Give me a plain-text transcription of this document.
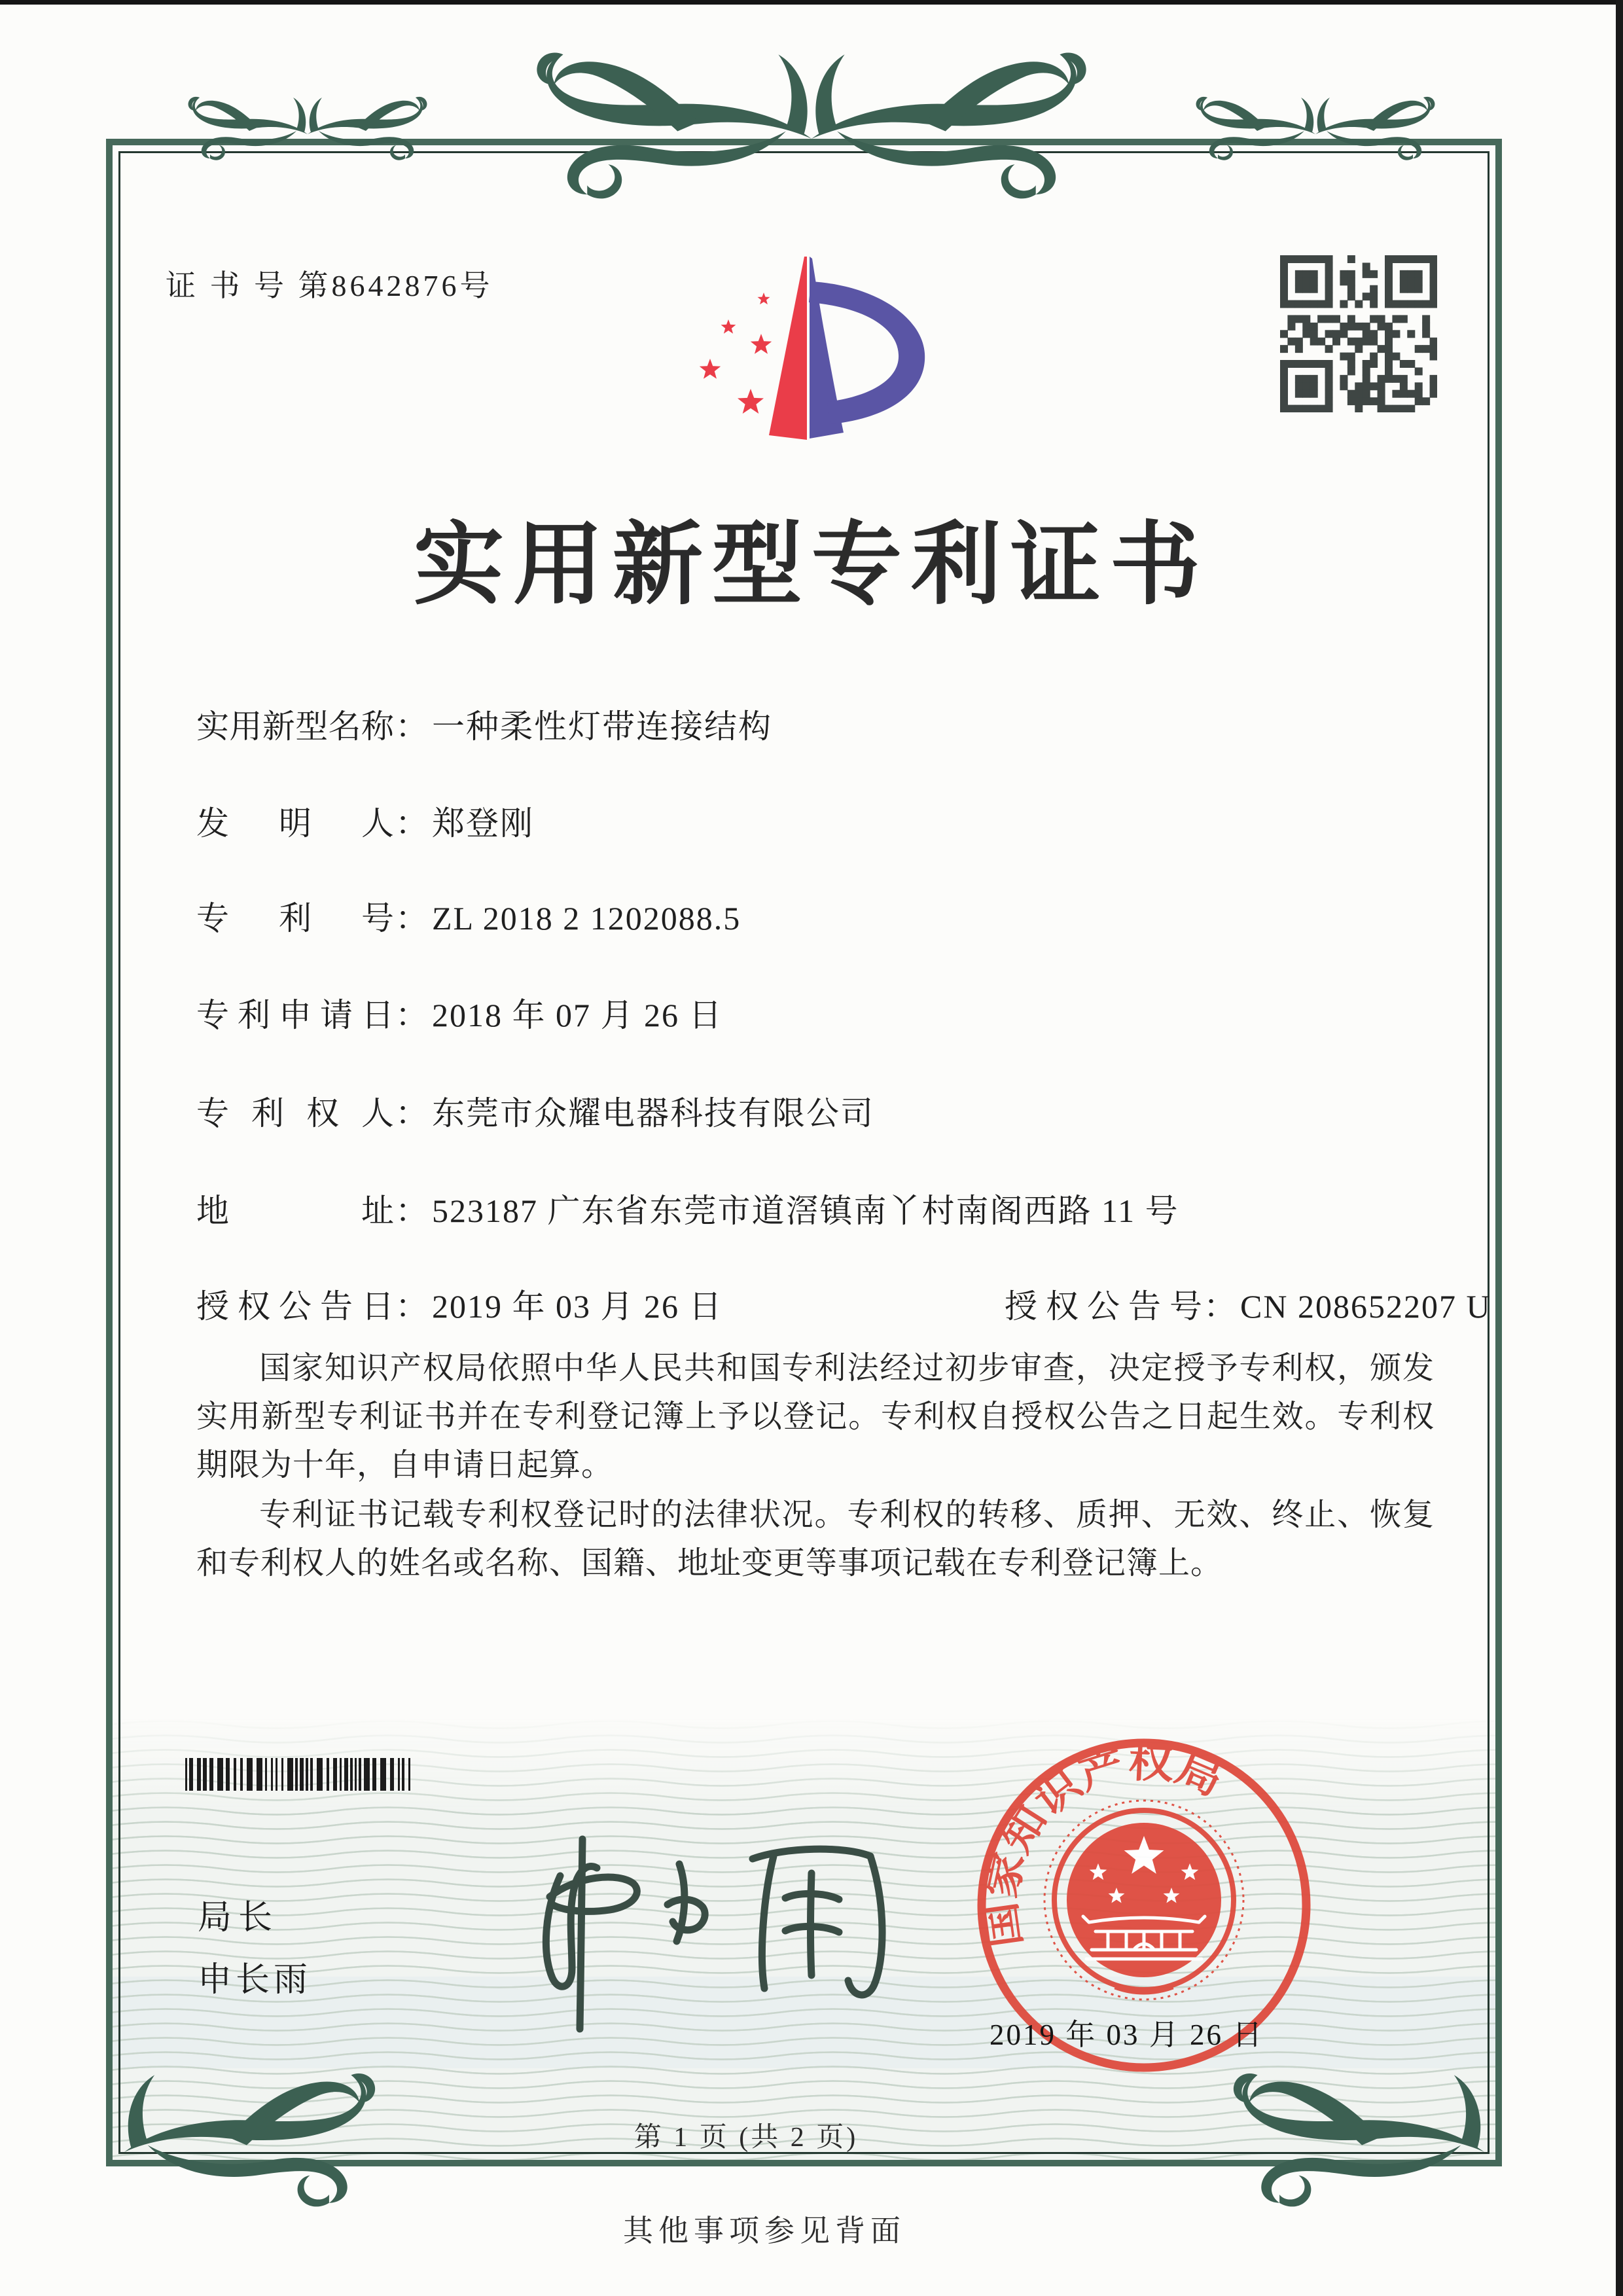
证 书 号 第8642876号
实用新型专利证书
实用新型名称： 一种柔性灯带连接结构
发明人： 郑登刚
专利号： ZL 2018 2 1202088.5
专利申请日： 2018 年 07 月 26 日
专利权人： 东莞市众耀电器科技有限公司
地址： 523187 广东省东莞市道滘镇南丫村南阁西路 11 号
授权公告日： 2019 年 03 月 26 日	授权公告号： CN 208652207 U
国家知识产权局依照中华人民共和国专利法经过初步审查，决定授予专利权，颁发实用新型专利证书并在专利登记簿上予以登记。专利权自授权公告之日起生效。专利权期限为十年，自申请日起算。
专利证书记载专利权登记时的法律状况。专利权的转移、质押、无效、终止、恢复和专利权人的姓名或名称、国籍、地址变更等事项记载在专利登记簿上。
局长
申长雨
国家知识产权局
2019 年 03 月 26 日
第 1 页 (共 2 页)
其他事项参见背面
